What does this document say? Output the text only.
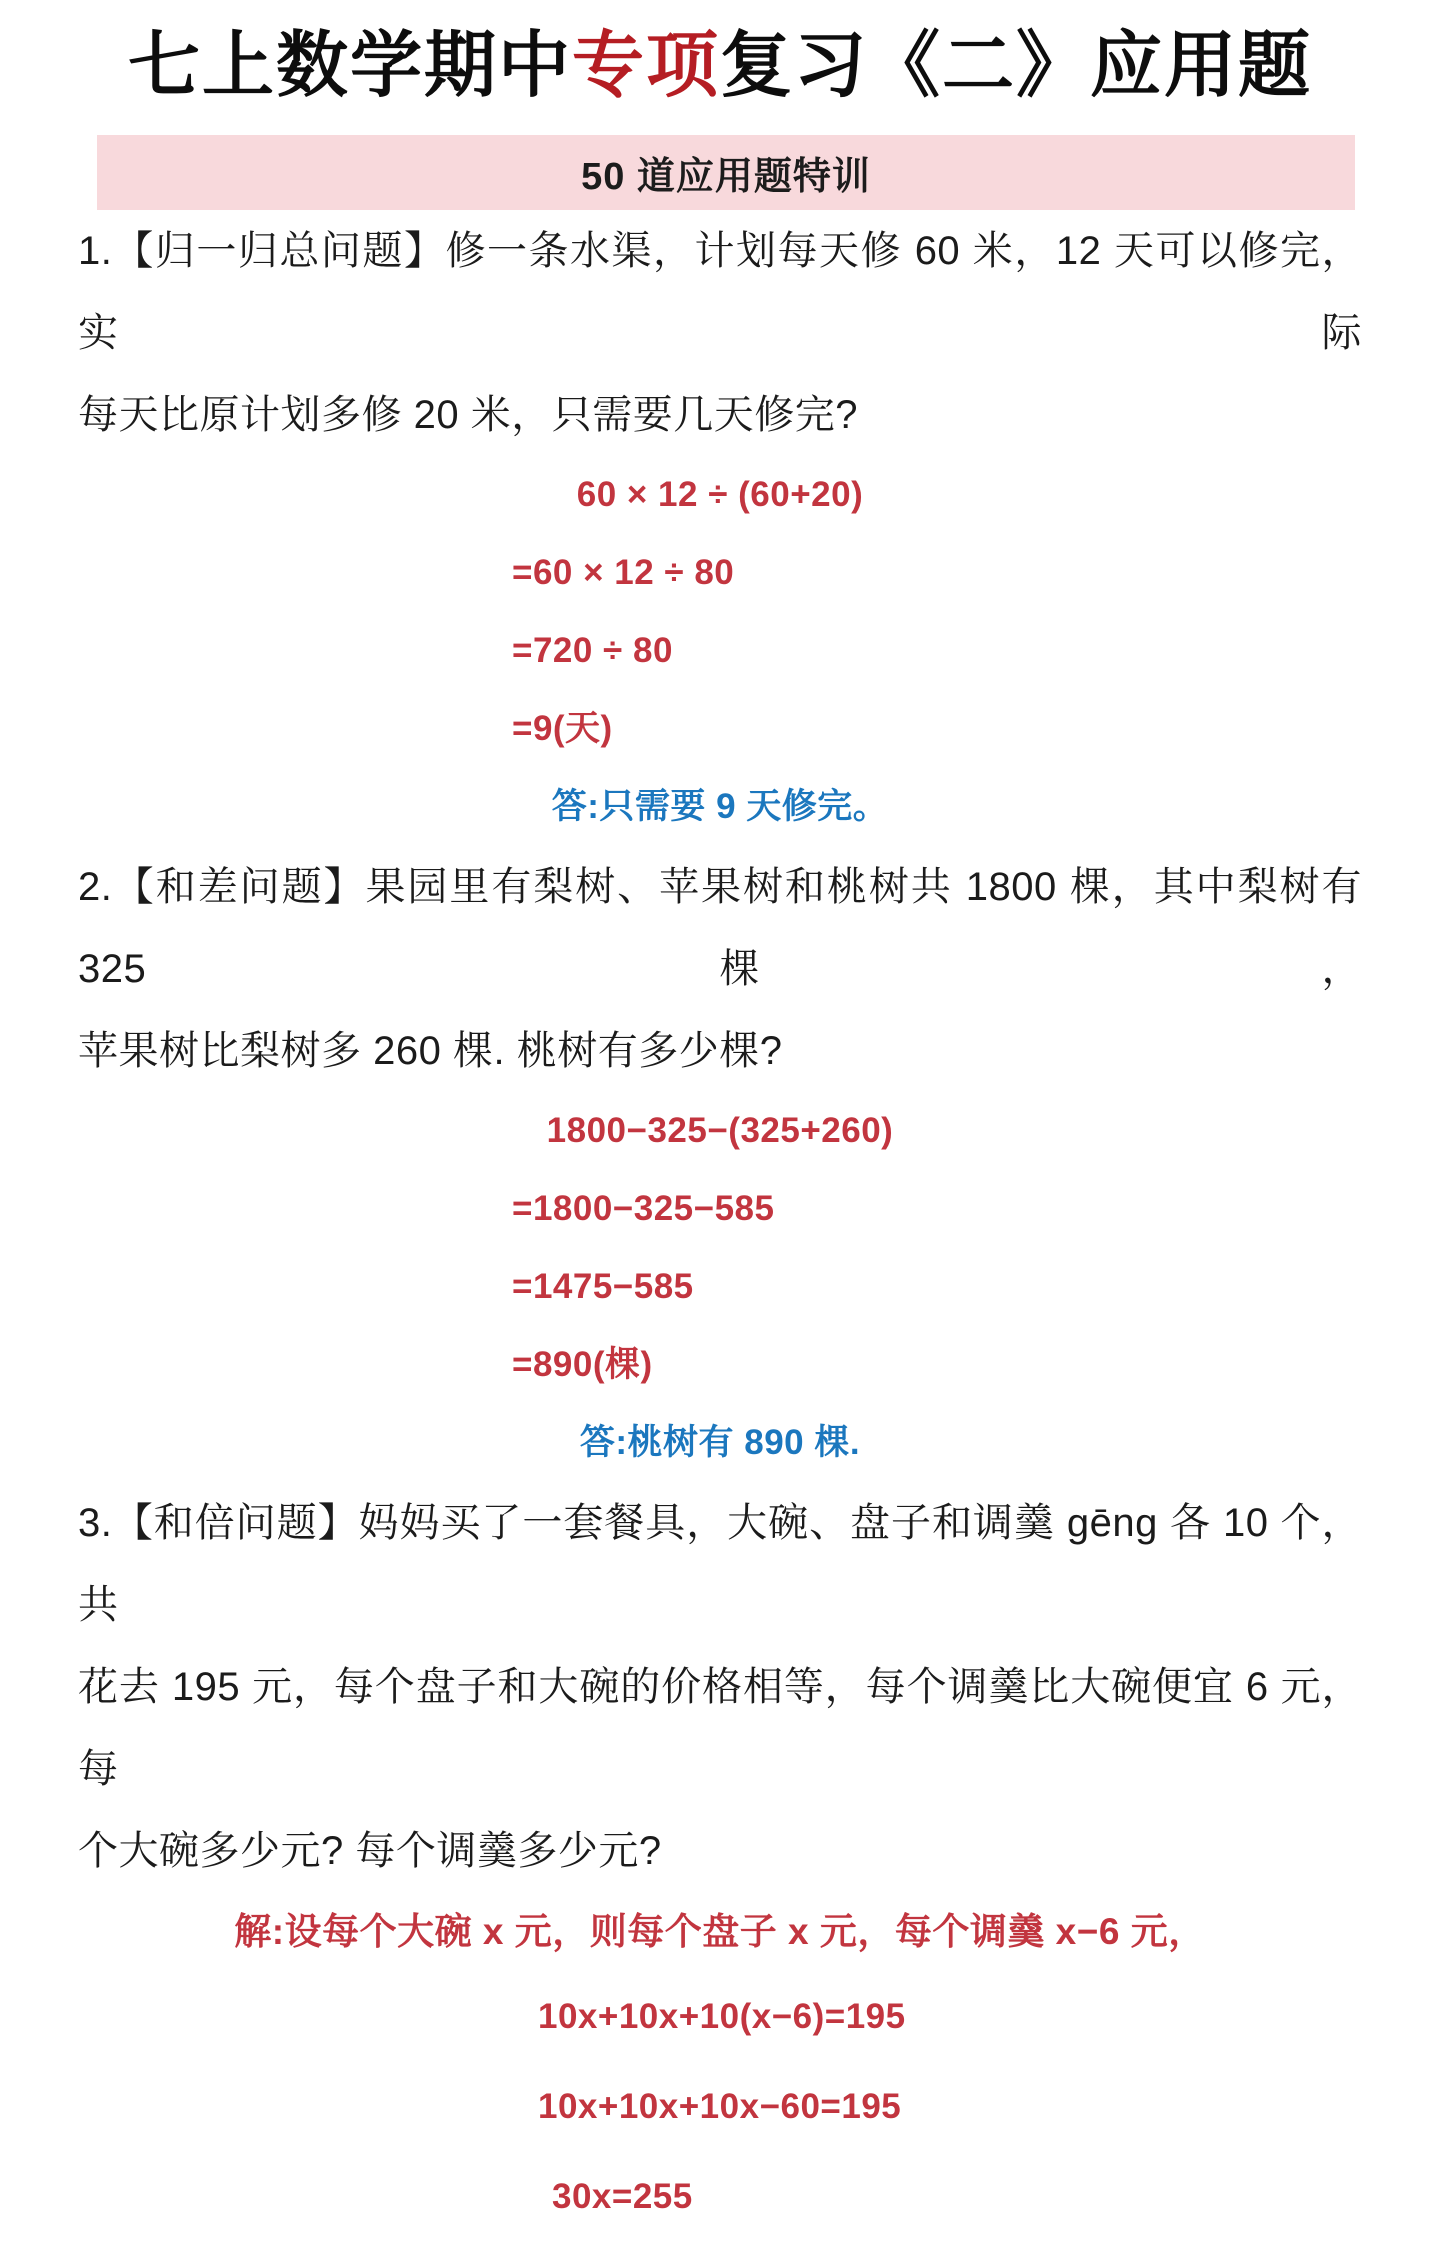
七上数学期中专项复习《二》应用题
50 道应用题特训

1.【归一归总问题】修一条水渠，计划每天修 60 米，12 天可以修完，实际

每天比原计划多修 20 米，只需要几天修完?

60 × 12 ÷ (60+20)

=60 × 12 ÷ 80

=720 ÷ 80

=9(天)

答:只需要 9 天修完。

2.【和差问题】果园里有梨树、苹果树和桃树共 1800 棵，其中梨树有 325 棵，

苹果树比梨树多 260 棵. 桃树有多少棵?

1800−325−(325+260)

=1800−325−585

=1475−585

=890(棵)

答:桃树有 890 棵.

3.【和倍问题】妈妈买了一套餐具，大碗、盘子和调羹 gēng 各 10 个，共

花去 195 元，每个盘子和大碗的价格相等，每个调羹比大碗便宜 6 元，每

个大碗多少元? 每个调羹多少元?

解:设每个大碗 x 元，则每个盘子 x 元，每个调羹 x−6 元，

10x+10x+10(x−6)=195

10x+10x+10x−60=195

30x=255
